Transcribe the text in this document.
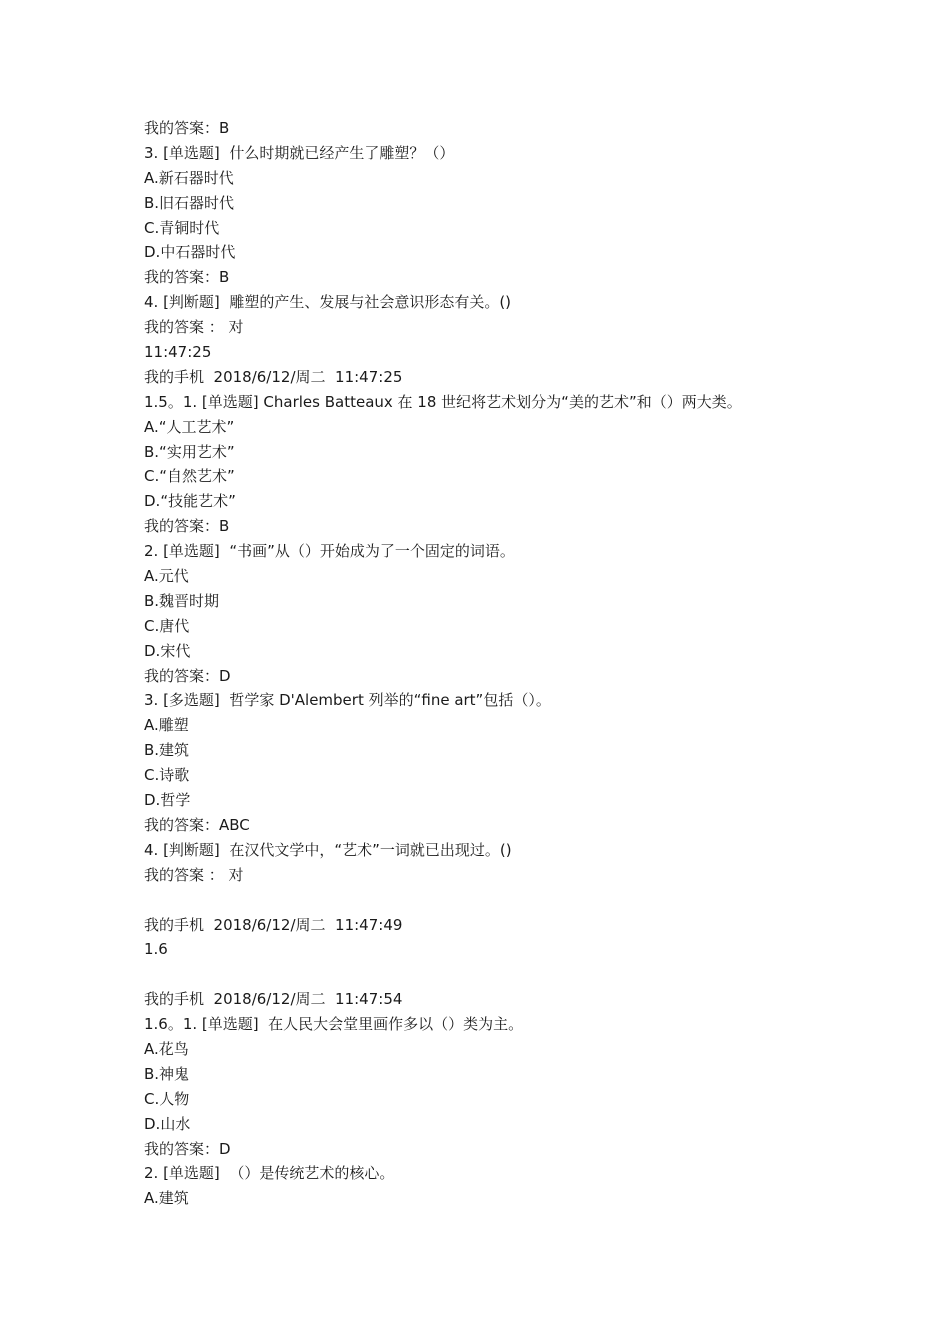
我的答案：B
3. [单选题]  什么时期就已经产生了雕塑？（）
A.新石器时代
B.旧石器时代
C.青铜时代
D.中石器时代
我的答案：B
4. [判断题]  雕塑的产生、发展与社会意识形态有关。()
我的答案 ： 对
11:47:25
我的手机  2018/6/12/周二  11:47:25
1.5。1. [单选题] Charles Batteaux 在 18 世纪将艺术划分为“美的艺术”和（）两大类。
A.“人工艺术”
B.“实用艺术”
C.“自然艺术”
D.“技能艺术”
我的答案：B
2. [单选题]  “书画”从（）开始成为了一个固定的词语。
A.元代
B.魏晋时期
C.唐代
D.宋代
我的答案：D
3. [多选题]  哲学家 D'Alembert 列举的“fine art”包括（）。
A.雕塑
B.建筑
C.诗歌
D.哲学
我的答案：ABC
4. [判断题]  在汉代文学中，“艺术”一词就已出现过。()
我的答案 ： 对
我的手机  2018/6/12/周二  11:47:49
1.6
我的手机  2018/6/12/周二  11:47:54
1.6。1. [单选题]  在人民大会堂里画作多以（）类为主。
A.花鸟
B.神鬼
C.人物
D.山水
我的答案：D
2. [单选题]  （）是传统艺术的核心。
A.建筑
